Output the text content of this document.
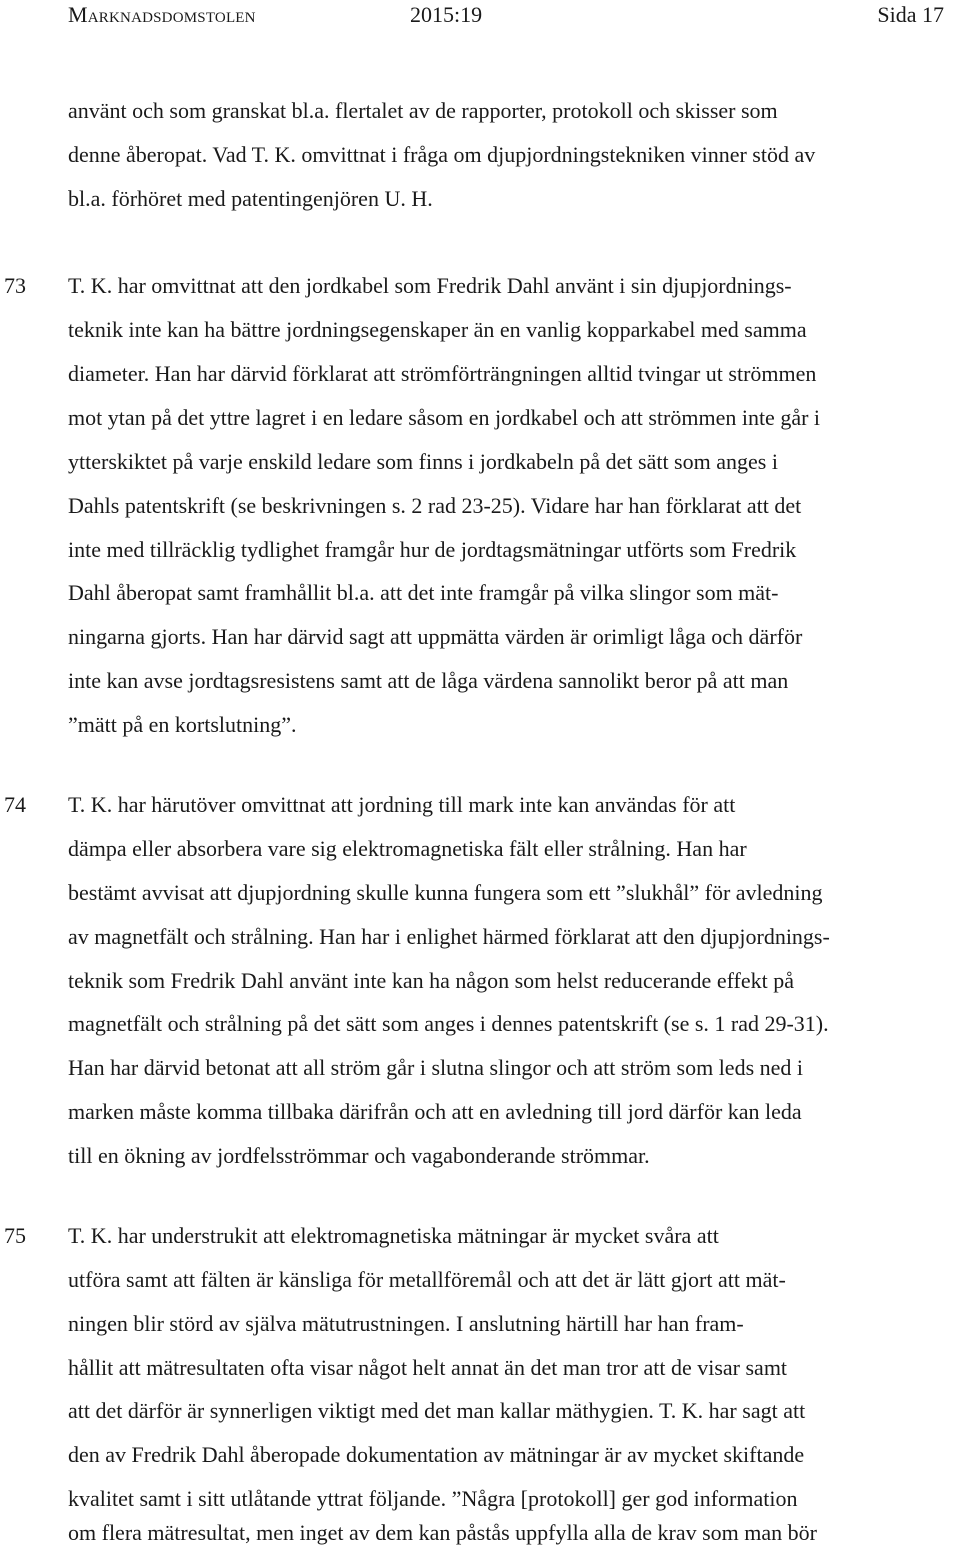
Marknadsdomstolen	2015:19	Sida 17
använt och som granskat bl.a. flertalet av de rapporter, protokoll och skisser som
denne åberopat. Vad T. K. omvittnat i fråga om djupjordningstekniken vinner stöd av
bl.a. förhöret med patentingenjören U. H.
73 T. K. har omvittnat att den jordkabel som Fredrik Dahl använt i sin djupjordnings-
teknik inte kan ha bättre jordningsegenskaper än en vanlig kopparkabel med samma
diameter. Han har därvid förklarat att strömförträngningen alltid tvingar ut strömmen
mot ytan på det yttre lagret i en ledare såsom en jordkabel och att strömmen inte går i
ytterskiktet på varje enskild ledare som finns i jordkabeln på det sätt som anges i
Dahls patentskrift (se beskrivningen s. 2 rad 23-25). Vidare har han förklarat att det
inte med tillräcklig tydlighet framgår hur de jordtagsmätningar utförts som Fredrik
Dahl åberopat samt framhållit bl.a. att det inte framgår på vilka slingor som mät-
ningarna gjorts. Han har därvid sagt att uppmätta värden är orimligt låga och därför
inte kan avse jordtagsresistens samt att de låga värdena sannolikt beror på att man
”mätt på en kortslutning”.
74 T. K. har härutöver omvittnat att jordning till mark inte kan användas för att
dämpa eller absorbera vare sig elektromagnetiska fält eller strålning. Han har
bestämt avvisat att djupjordning skulle kunna fungera som ett ”slukhål” för avledning
av magnetfält och strålning. Han har i enlighet härmed förklarat att den djupjordnings-
teknik som Fredrik Dahl använt inte kan ha någon som helst reducerande effekt på
magnetfält och strålning på det sätt som anges i dennes patentskrift (se s. 1 rad 29-31).
Han har därvid betonat att all ström går i slutna slingor och att ström som leds ned i
marken måste komma tillbaka därifrån och att en avledning till jord därför kan leda
till en ökning av jordfelsströmmar och vagabonderande strömmar.
75 T. K. har understrukit att elektromagnetiska mätningar är mycket svåra att
utföra samt att fälten är känsliga för metallföremål och att det är lätt gjort att mät-
ningen blir störd av själva mätutrustningen. I anslutning härtill har han fram-
hållit att mätresultaten ofta visar något helt annat än det man tror att de visar samt
att det därför är synnerligen viktigt med det man kallar mäthygien. T. K. har sagt att
den av Fredrik Dahl åberopade dokumentation av mätningar är av mycket skiftande
kvalitet samt i sitt utlåtande yttrat följande. ”Några [protokoll] ger god information
om flera mätresultat, men inget av dem kan påstås uppfylla alla de krav som man bör
